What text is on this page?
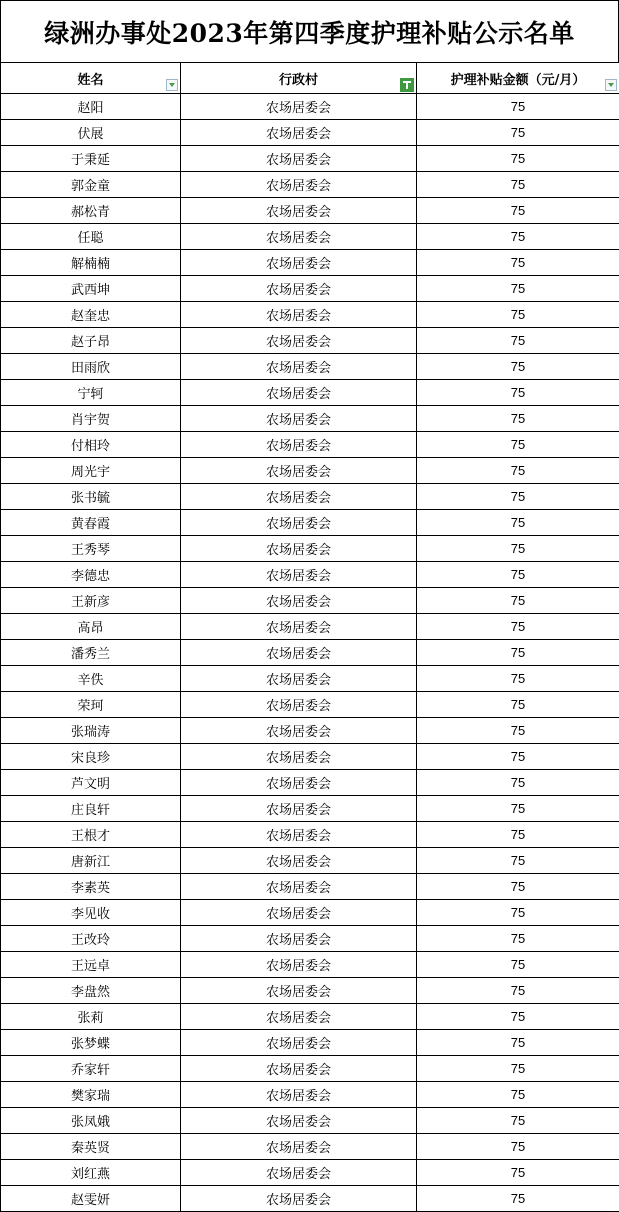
绿洲办事处2023年第四季度护理补贴公示名单
姓名	行政村	护理补贴金额（元/月）

赵阳	农场居委会	75
伏展	农场居委会	75
于秉延	农场居委会	75
郭金童	农场居委会	75
郝松青	农场居委会	75
任聪	农场居委会	75
解楠楠	农场居委会	75
武西坤	农场居委会	75
赵奎忠	农场居委会	75
赵子昂	农场居委会	75
田雨欣	农场居委会	75
宁轲	农场居委会	75
肖宇贺	农场居委会	75
付相玲	农场居委会	75
周光宇	农场居委会	75
张书毓	农场居委会	75
黄春霞	农场居委会	75
王秀琴	农场居委会	75
李德忠	农场居委会	75
王新彦	农场居委会	75
高昂	农场居委会	75
潘秀兰	农场居委会	75
辛佚	农场居委会	75
荣珂	农场居委会	75
张瑞涛	农场居委会	75
宋良珍	农场居委会	75
芦文明	农场居委会	75
庄良轩	农场居委会	75
王根才	农场居委会	75
唐新江	农场居委会	75
李素英	农场居委会	75
李见收	农场居委会	75
王改玲	农场居委会	75
王远卓	农场居委会	75
李盘然	农场居委会	75
张莉	农场居委会	75
张梦蝶	农场居委会	75
乔家轩	农场居委会	75
樊家瑞	农场居委会	75
张凤娥	农场居委会	75
秦英贤	农场居委会	75
刘红燕	农场居委会	75
赵雯妍	农场居委会	75
